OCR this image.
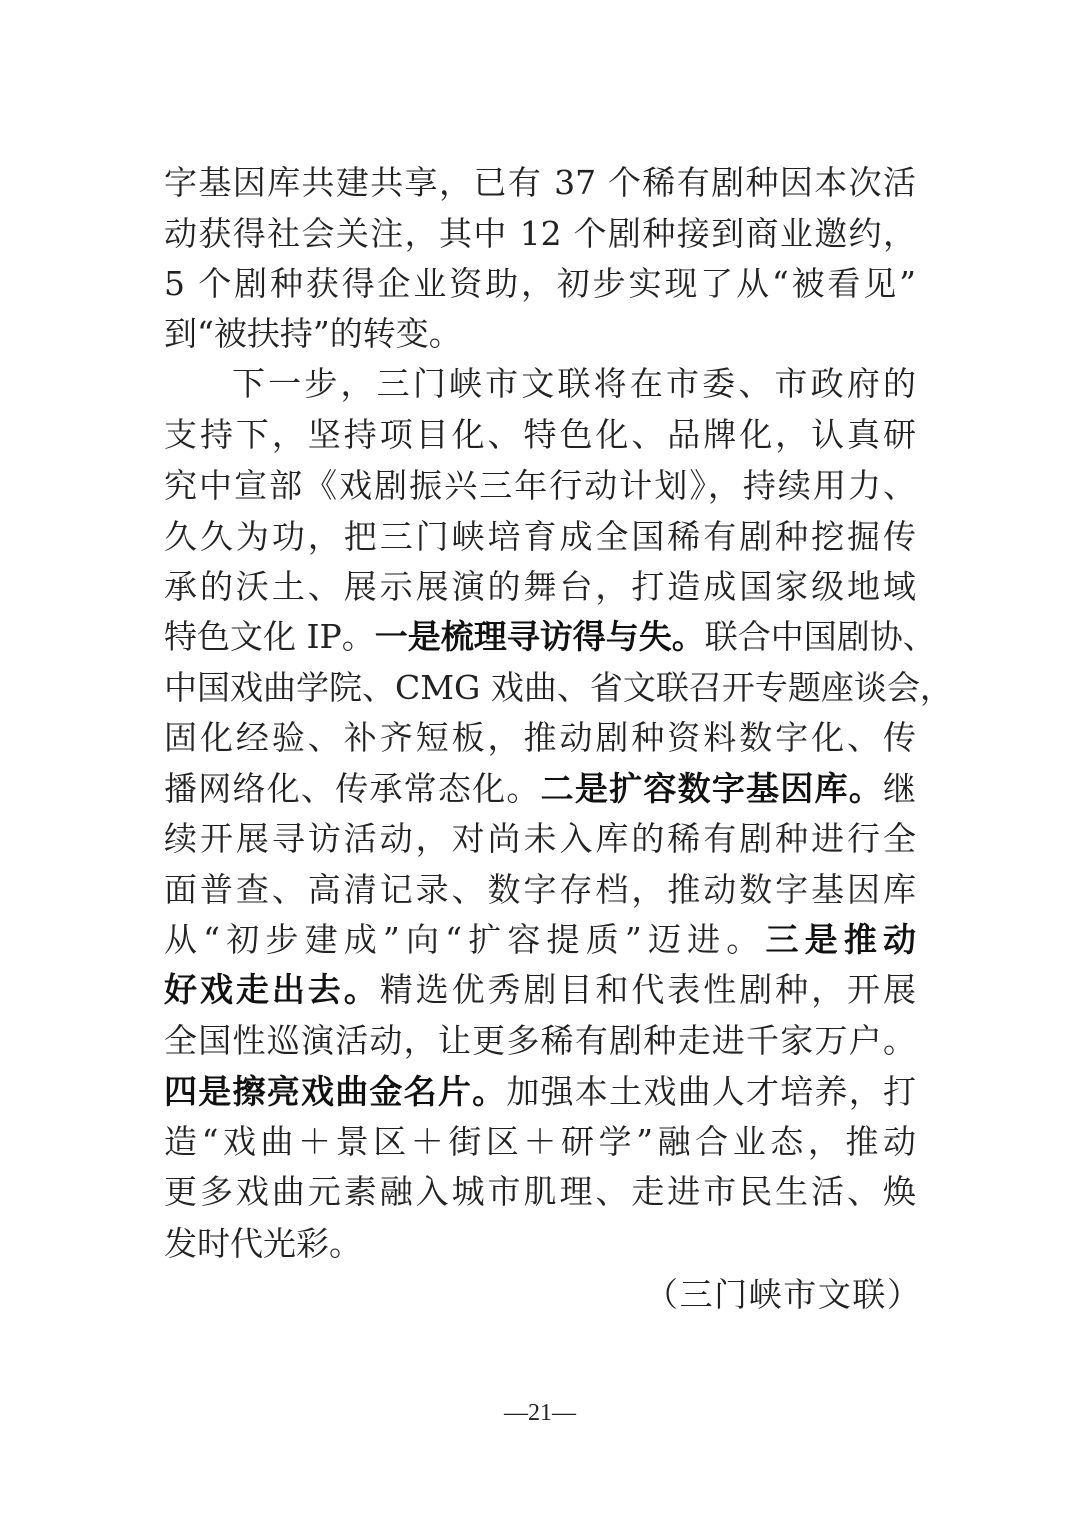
字基因库共建共享，已有 37 个稀有剧种因本次活
动获得社会关注，其中 12 个剧种接到商业邀约，
5 个剧种获得企业资助，初步实现了从“被看见”
到“被扶持”的转变。
下一步，三门峡市文联将在市委、市政府的
支持下，坚持项目化、特色化、品牌化，认真研
究中宣部《戏剧振兴三年行动计划》，持续用力、
久久为功，把三门峡培育成全国稀有剧种挖掘传
承的沃土、展示展演的舞台，打造成国家级地域
特色文化 IP。一是梳理寻访得与失。联合中国剧协、
中国戏曲学院、CMG 戏曲、省文联召开专题座谈会，
固化经验、补齐短板，推动剧种资料数字化、传
播网络化、传承常态化。二是扩容数字基因库。继
续开展寻访活动，对尚未入库的稀有剧种进行全
面普查、高清记录、数字存档，推动数字基因库
从“初步建成”向“扩容提质”迈进。三是推动
好戏走出去。精选优秀剧目和代表性剧种，开展
全国性巡演活动，让更多稀有剧种走进千家万户。
四是擦亮戏曲金名片。加强本土戏曲人才培养，打
造“戏曲＋景区＋街区＋研学”融合业态，推动
更多戏曲元素融入城市肌理、走进市民生活、焕
发时代光彩。
（三门峡市文联）
—21—
